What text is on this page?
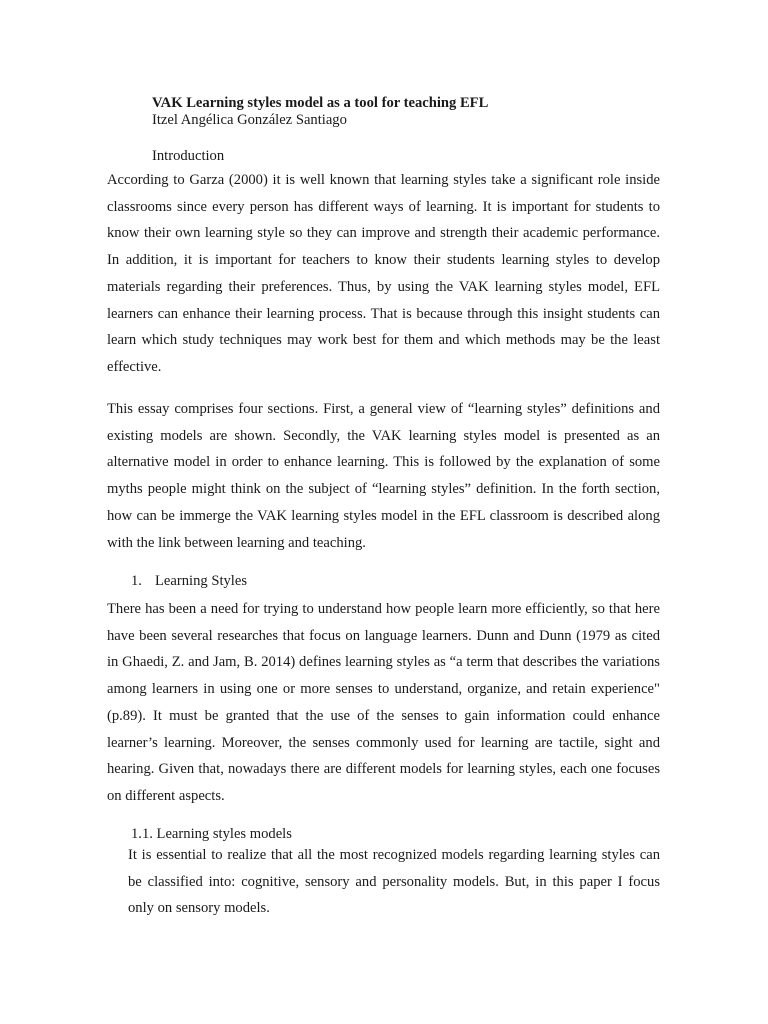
VAK Learning styles model as a tool for teaching EFL
Itzel Angélica González Santiago
Introduction

According to Garza (2000) it is well known that learning styles take a significant role inside classrooms since every person has different ways of learning. It is important for students to know their own learning style so they can improve and strength their academic performance. In addition, it is important for teachers to know their students learning styles to develop materials regarding their preferences. Thus, by using the VAK learning styles model, EFL learners can enhance their learning process. That is because through this insight students can learn which study techniques may work best for them and which methods may be the least effective.

This essay comprises four sections. First, a general view of “learning styles” definitions and existing models are shown. Secondly, the VAK learning styles model is presented as an alternative model in order to enhance learning. This is followed by the explanation of some myths people might think on the subject of “learning styles” definition. In the forth section, how can be immerge the VAK learning styles model in the EFL classroom is described along with the link between learning and teaching.

1. Learning Styles

There has been a need for trying to understand how people learn more efficiently, so that here have been several researches that focus on language learners. Dunn and Dunn (1979 as cited in Ghaedi, Z. and Jam, B. 2014) defines learning styles as “a term that describes the variations among learners in using one or more senses to understand, organize, and retain experience"(p.89). It must be granted that the use of the senses to gain information could enhance learner’s learning. Moreover, the senses commonly used for learning are tactile, sight and hearing. Given that, nowadays there are different models for learning styles, each one focuses on different aspects.

1.1. Learning styles models

It is essential to realize that all the most recognized models regarding learning styles can be classified into: cognitive, sensory and personality models. But, in this paper I focus only on sensory models.
